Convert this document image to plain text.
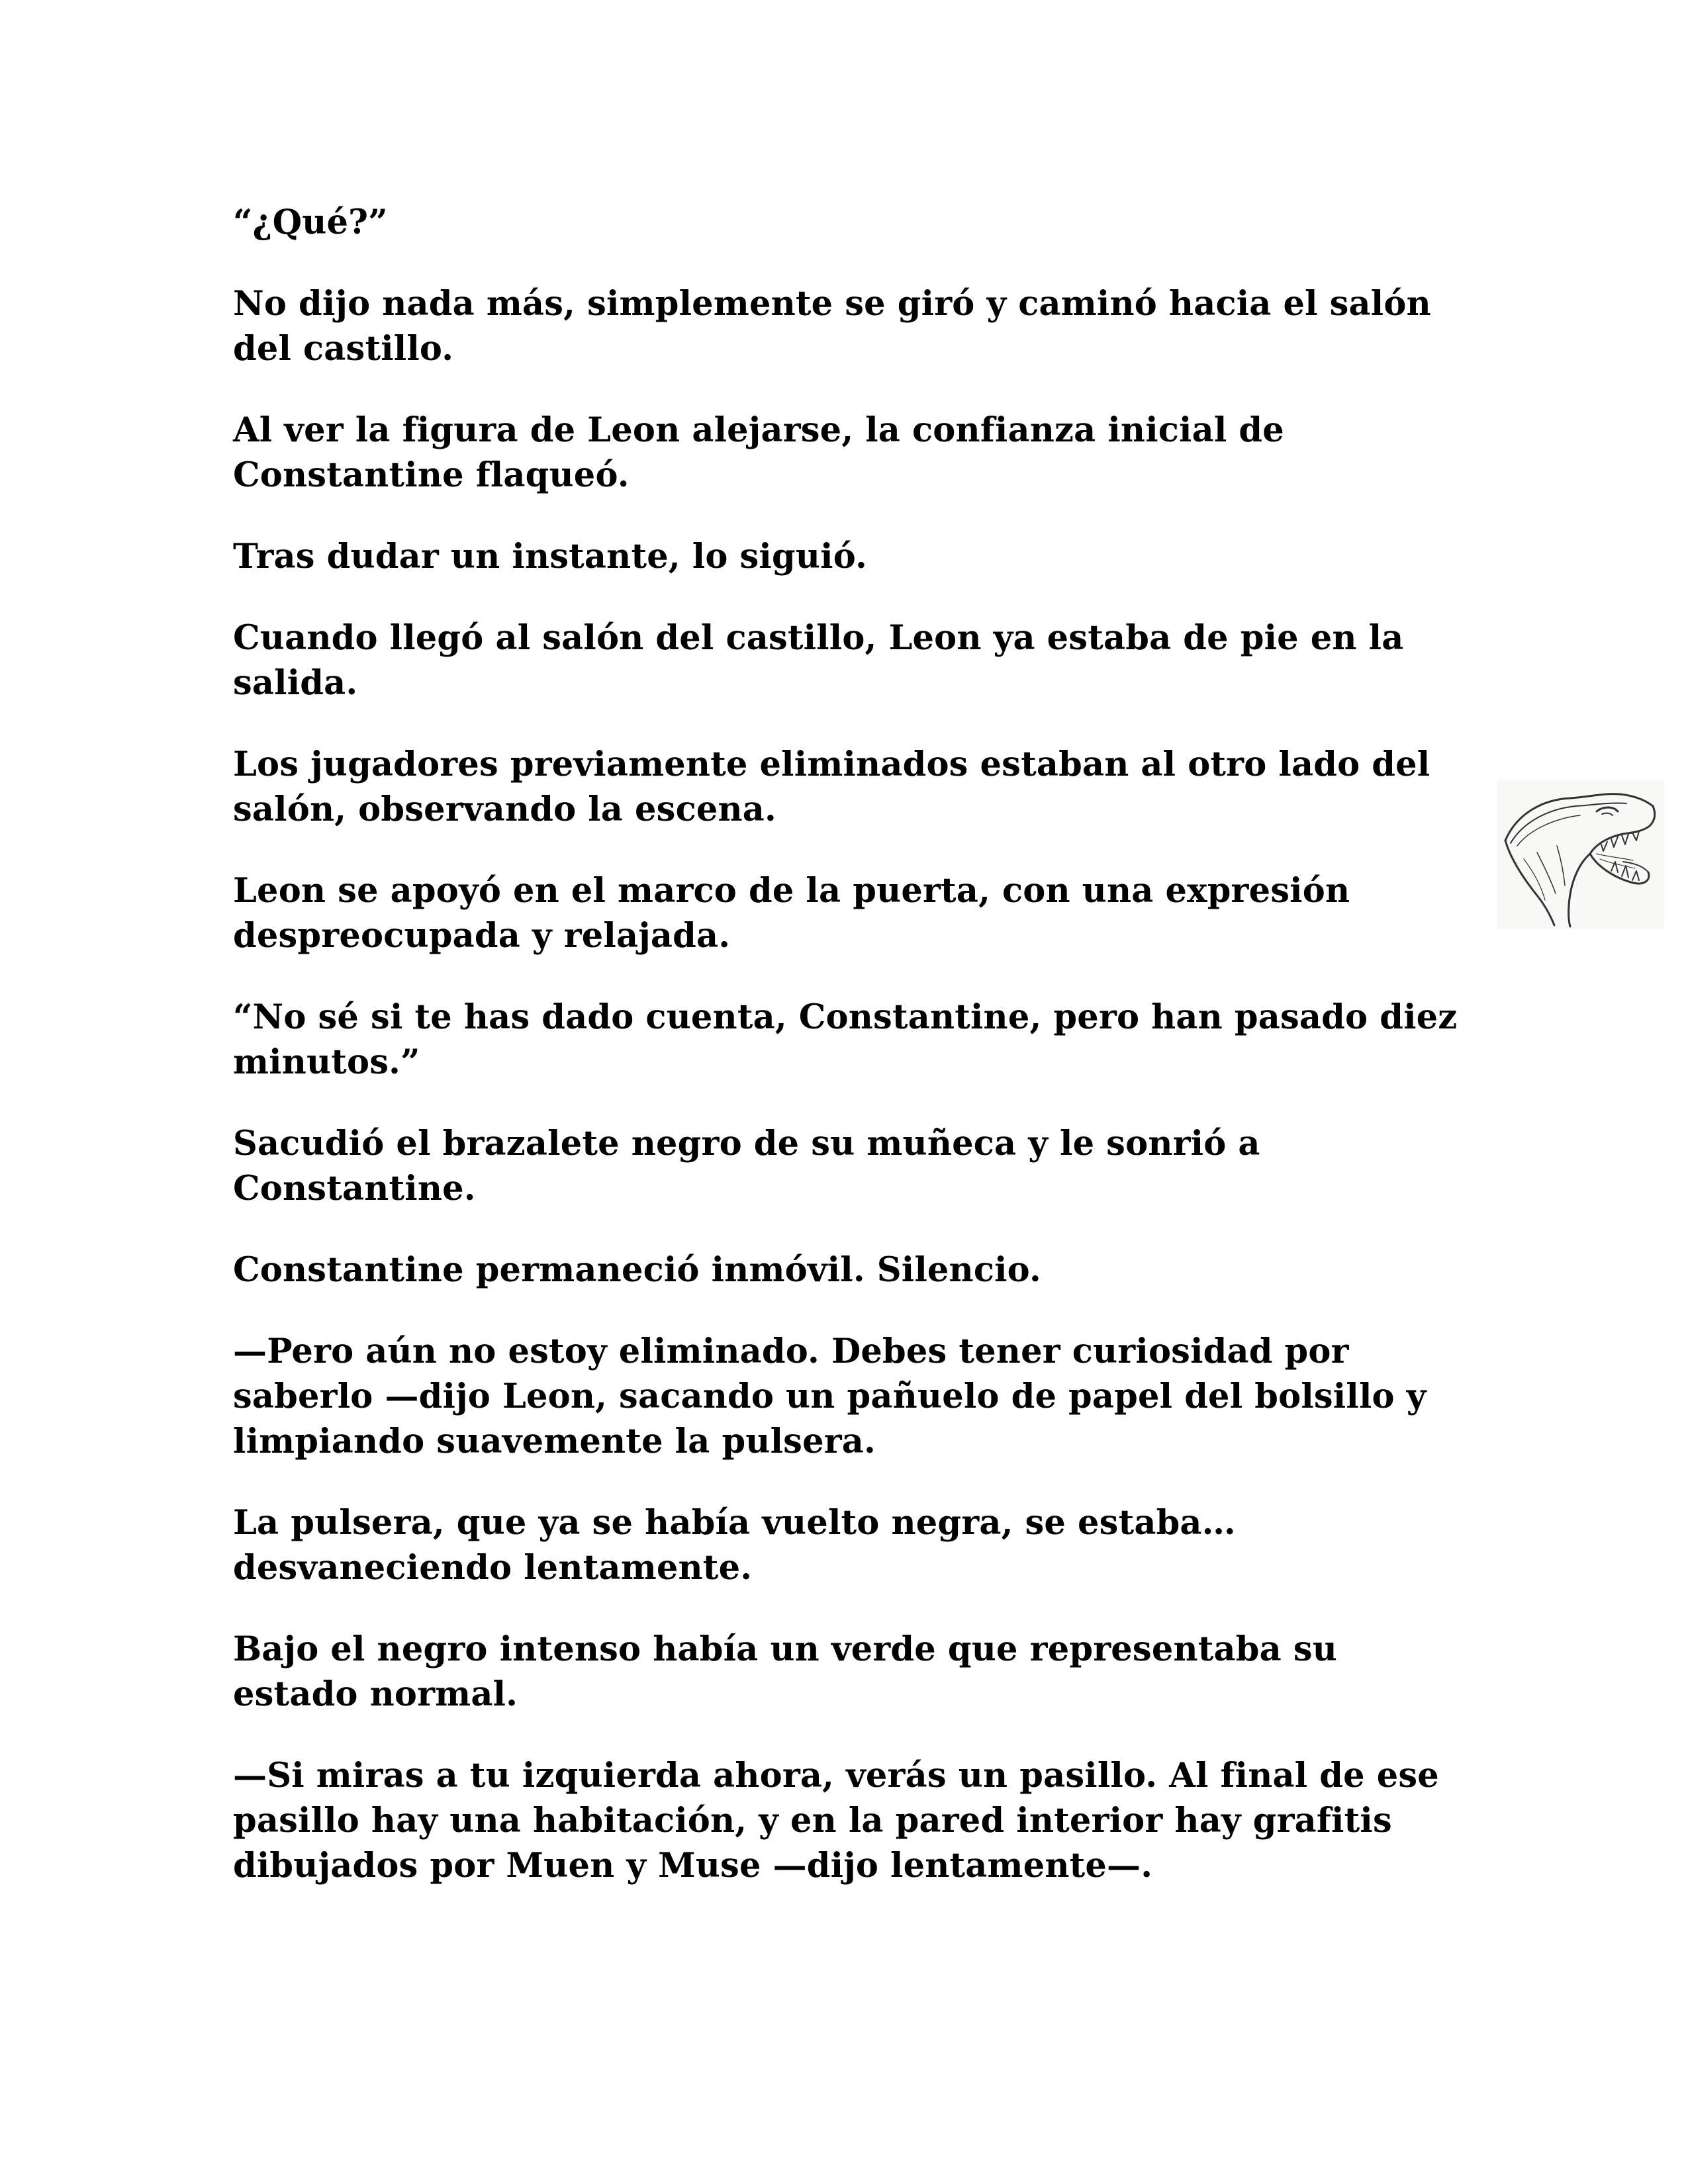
“¿Qué?”

No dijo nada más, simplemente se giró y caminó hacia el salón del castillo.

Al ver la figura de Leon alejarse, la confianza inicial de Constantine flaqueó.

Tras dudar un instante, lo siguió.

Cuando llegó al salón del castillo, Leon ya estaba de pie en la salida.

Los jugadores previamente eliminados estaban al otro lado del salón, observando la escena.

Leon se apoyó en el marco de la puerta, con una expresión despreocupada y relajada.

“No sé si te has dado cuenta, Constantine, pero han pasado diez minutos.”

Sacudió el brazalete negro de su muñeca y le sonrió a Constantine.

Constantine permaneció inmóvil. Silencio.

—Pero aún no estoy eliminado. Debes tener curiosidad por saberlo —dijo Leon, sacando un pañuelo de papel del bolsillo y limpiando suavemente la pulsera.

La pulsera, que ya se había vuelto negra, se estaba… desvaneciendo lentamente.

Bajo el negro intenso había un verde que representaba su estado normal.

—Si miras a tu izquierda ahora, verás un pasillo. Al final de ese pasillo hay una habitación, y en la pared interior hay grafitis dibujados por Muen y Muse —dijo lentamente—.
